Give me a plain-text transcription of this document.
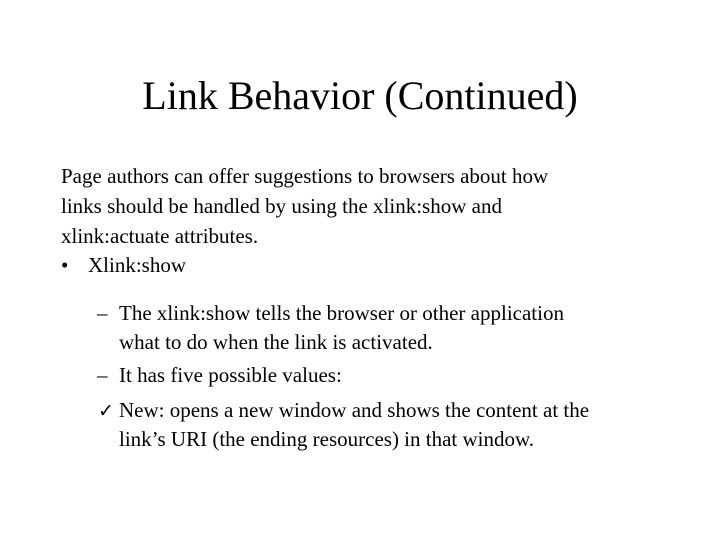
Link Behavior (Continued)
Page authors can offer suggestions to browsers about how
links should be handled by using the xlink:show and
xlink:actuate attributes.
• Xlink:show
– The xlink:show tells the browser or other application
what to do when the link is activated.
– It has five possible values:
✓ New: opens a new window and shows the content at the
link’s URI (the ending resources) in that window.
